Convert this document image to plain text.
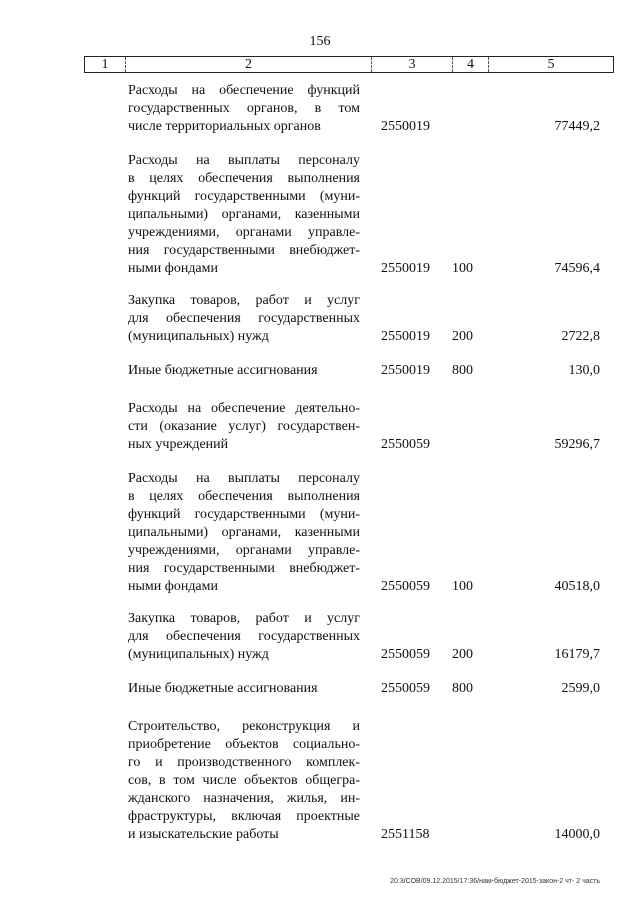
156
1	2	3	4	5
Расходы на обеспечение функций
государственных органов, в том
числе территориальных органов	2550019	77449,2
Расходы на выплаты персоналу
в целях обеспечения выполнения
функций государственными (муни-
ципальными) органами, казенными
учреждениями, органами управле-
ния государственными внебюджет-
ными фондами	2550019 100	74596,4
Закупка товаров, работ и услуг
для обеспечения государственных
(муниципальных) нужд	2550019 200	2722,8
Иные бюджетные ассигнования	2550019 800	130,0
Расходы на обеспечение деятельно-
сти (оказание услуг) государствен-
ных учреждений	2550059	59296,7
Расходы на выплаты персоналу
в целях обеспечения выполнения
функций государственными (муни-
ципальными) органами, казенными
учреждениями, органами управле-
ния государственными внебюджет-
ными фондами	2550059 100	40518,0
Закупка товаров, работ и услуг
для обеспечения государственных
(муниципальных) нужд	2550059 200	16179,7
Иные бюджетные ассигнования	2550059 800	2599,0
Строительство, реконструкция и
приобретение объектов социально-
го и производственного комплек-
сов, в том числе объектов общегра-
жданского назначения, жилья, ин-
фраструктуры, включая проектные
и изыскательские работы	2551158	14000,0
20.3/СОВ/09.12.2015/17:36/нам-бюджет-2015-закон-2 чт- 2 часть
